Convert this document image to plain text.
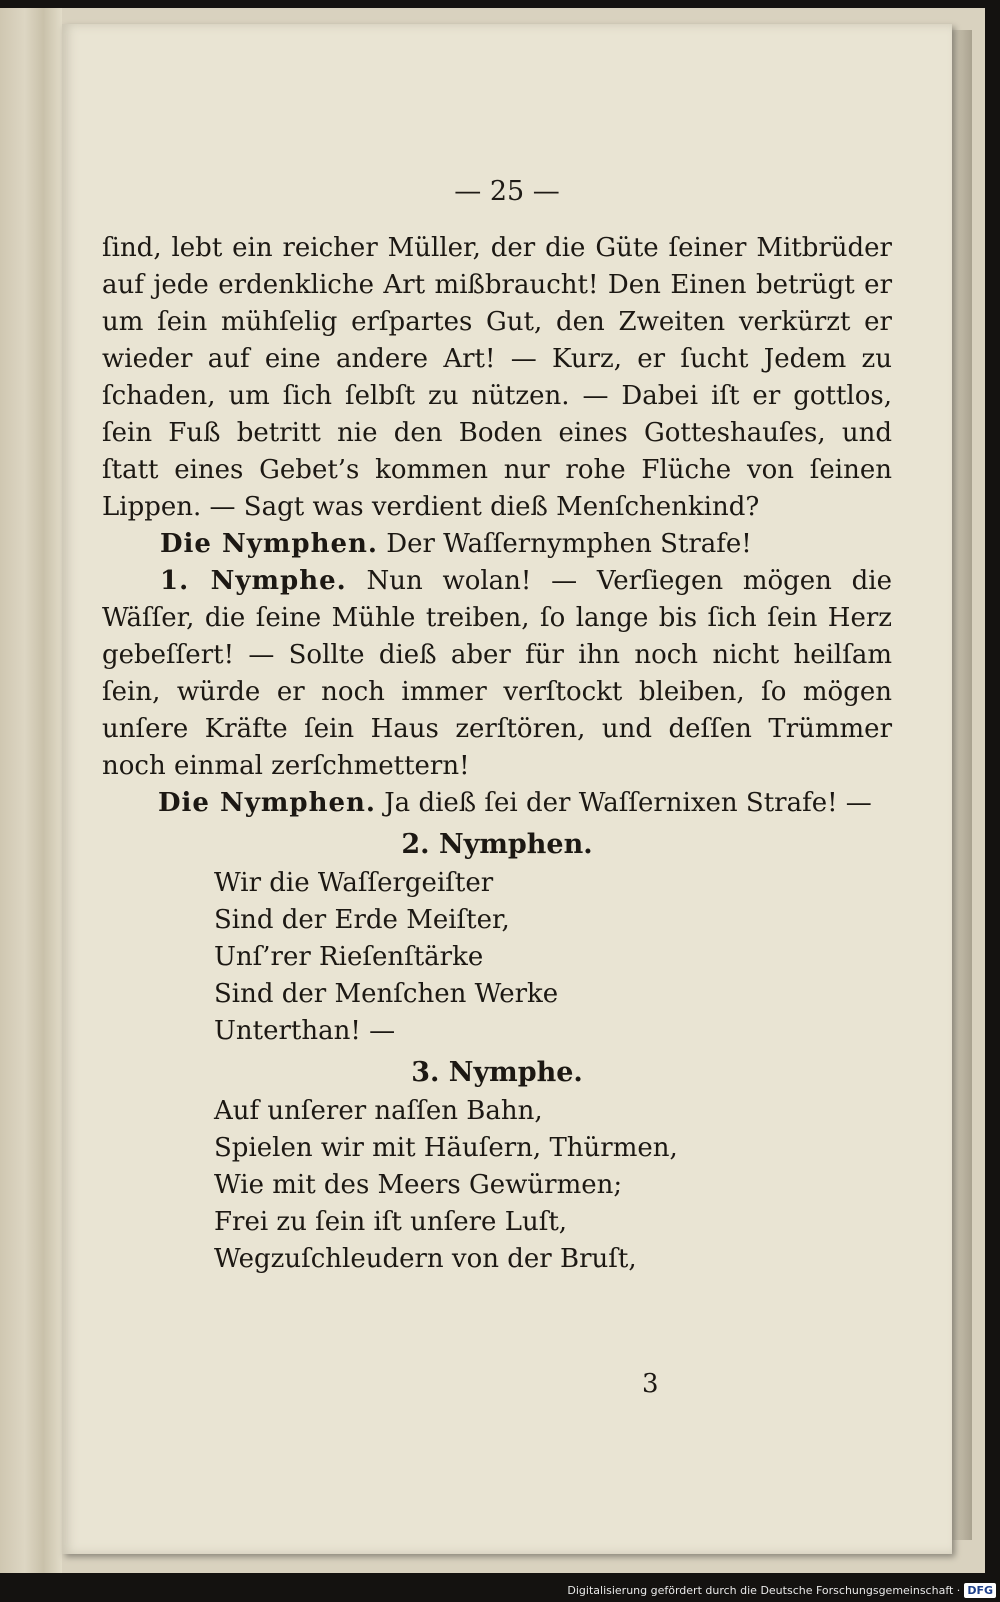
— 25 —

ſind, lebt ein reicher Müller, der die Güte ſeiner Mitbrüder auf jede erdenkliche Art mißbraucht! Den Einen betrügt er um ſein mühſelig erſpartes Gut, den Zweiten verkürzt er wieder auf eine andere Art! — Kurz, er ſucht Jedem zu ſchaden, um ſich ſelbſt zu nützen. — Dabei iſt er gottlos, ſein Fuß betritt nie den Boden eines Gotteshauſes, und ſtatt eines Gebet’s kommen nur rohe Flüche von ſeinen Lippen. — Sagt was verdient dieß Menſchenkind?

Die Nymphen. Der Waſſernymphen Strafe!

1. Nymphe. Nun wolan! — Verſiegen mögen die Wäſſer, die ſeine Mühle treiben, ſo lange bis ſich ſein Herz gebeſſert! — Sollte dieß aber für ihn noch nicht heilſam ſein, würde er noch immer verſtockt bleiben, ſo mögen unſere Kräfte ſein Haus zerſtören, und deſſen Trümmer noch einmal zerſchmettern!

Die Nymphen. Ja dieß ſei der Waſſernixen Strafe! —

2. Nymphen.
Wir die Waſſergeiſter
Sind der Erde Meiſter,
Unſ’rer Rieſenſtärke
Sind der Menſchen Werke
Unterthan! —
3. Nymphe.
Auf unſerer naſſen Bahn,
Spielen wir mit Häuſern, Thürmen,
Wie mit des Meers Gewürmen;
Frei zu ſein iſt unſere Luſt,
Wegzuſchleudern von der Bruſt,
3
Digitalisierung gefördert durch die Deutsche Forschungsgemeinschaft · DFG
